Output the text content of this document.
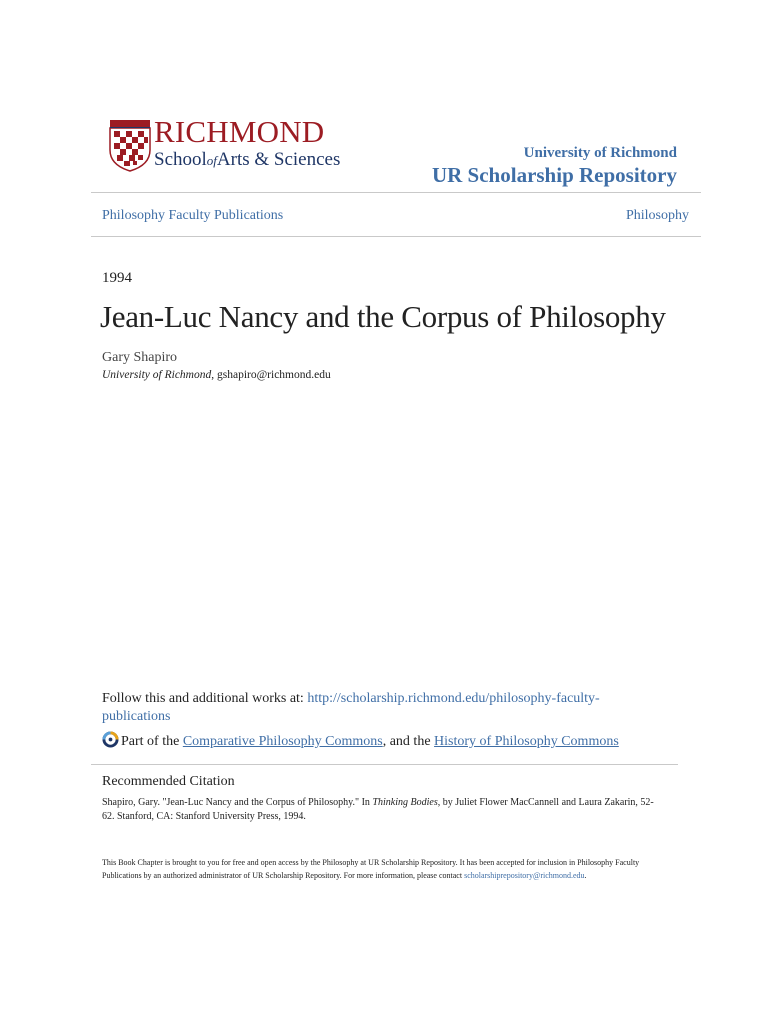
RICHMOND
SchoolofArts & Sciences	University of Richmond
UR Scholarship Repository
Philosophy Faculty Publications	Philosophy
1994
Jean-Luc Nancy and the Corpus of Philosophy
Gary Shapiro
University of Richmond, gshapiro@richmond.edu
Follow this and additional works at: http://scholarship.richmond.edu/philosophy-faculty-publications
Part of the Comparative Philosophy Commons, and the History of Philosophy Commons
Recommended Citation
Shapiro, Gary. "Jean-Luc Nancy and the Corpus of Philosophy." In Thinking Bodies, by Juliet Flower MacCannell and Laura Zakarin, 52-62. Stanford, CA: Stanford University Press, 1994.
This Book Chapter is brought to you for free and open access by the Philosophy at UR Scholarship Repository. It has been accepted for inclusion in Philosophy Faculty Publications by an authorized administrator of UR Scholarship Repository. For more information, please contact scholarshiprepository@richmond.edu.
